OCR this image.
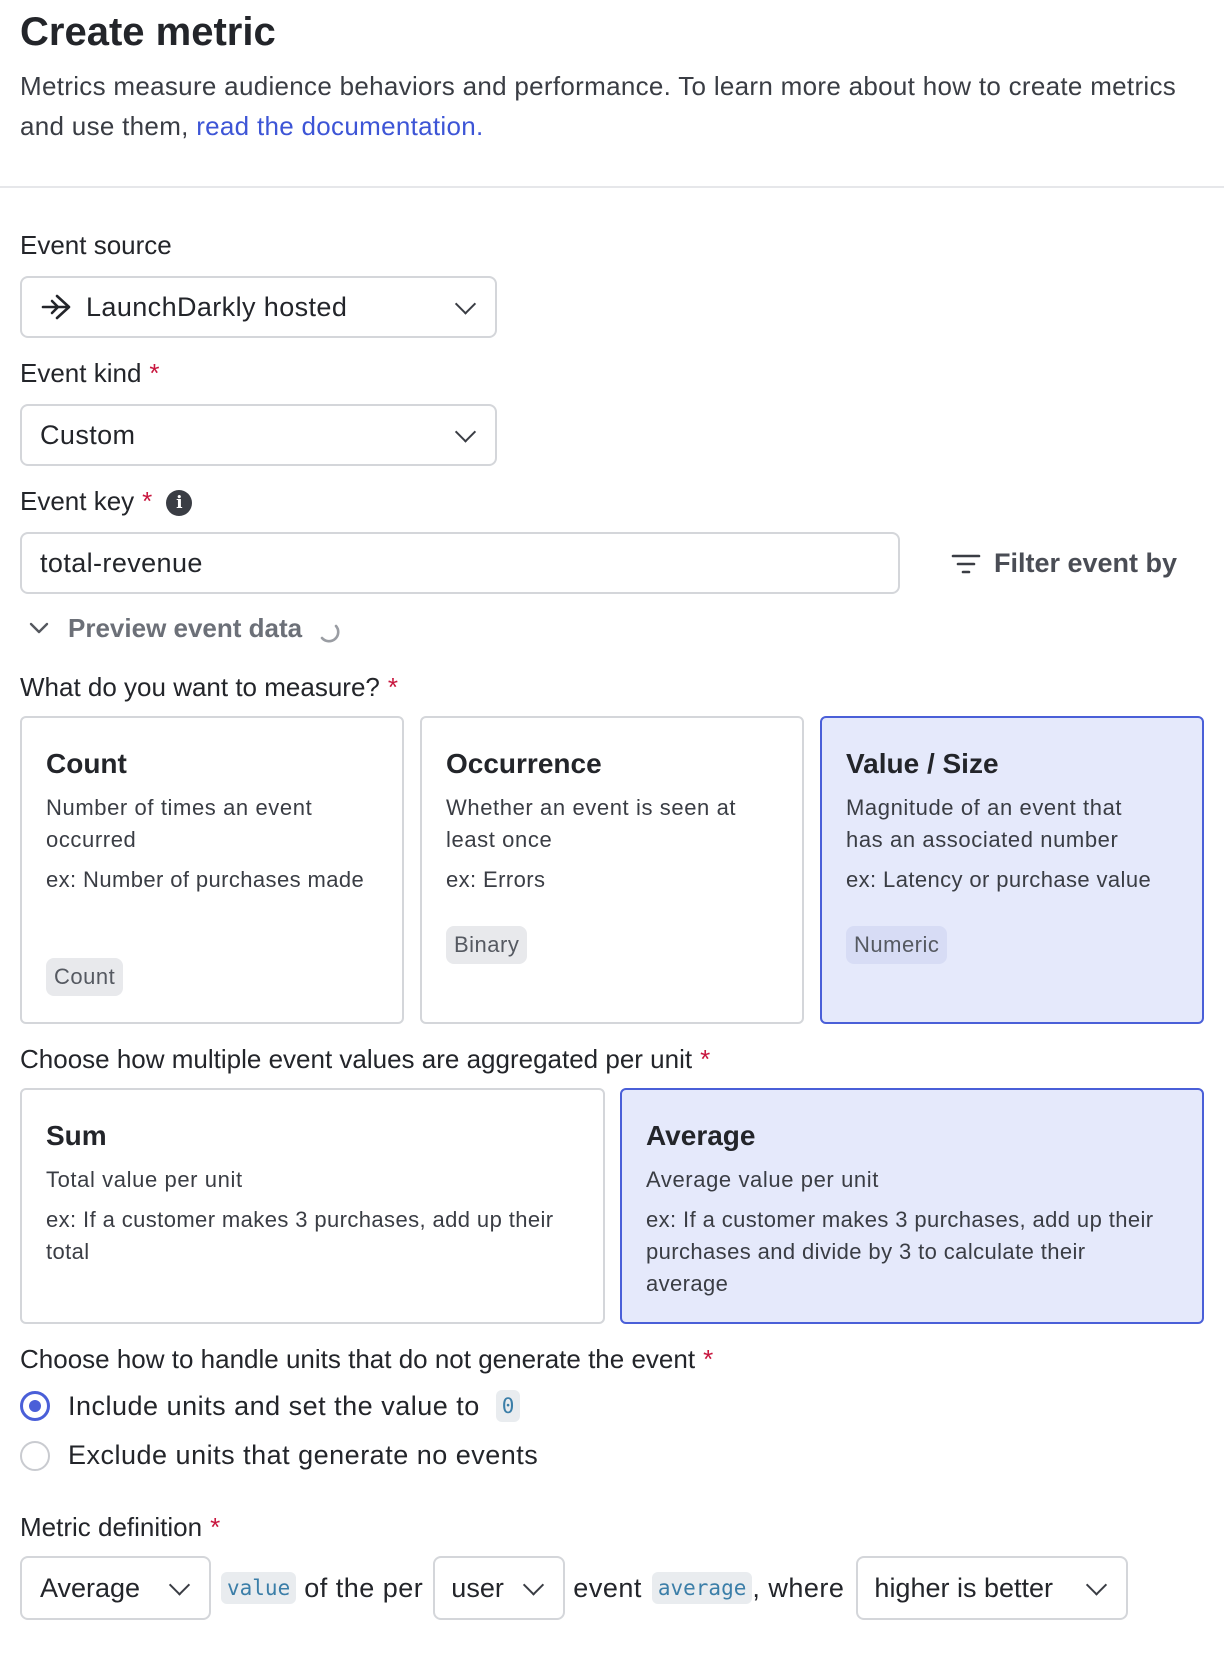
Create metric
Metrics measure audience behaviors and performance. To learn more about how to create metrics and use them, read the documentation.
Event source
LaunchDarkly hosted
Event kind *
Custom
Event key * i
total-revenue	Filter event by
Preview event data
What do you want to measure? *
Count
Number of times an event occurred
ex: Number of purchases made
Count
Occurrence
Whether an event is seen at least once
ex: Errors
Binary
Value / Size
Magnitude of an event that has an associated number
ex: Latency or purchase value
Numeric
Choose how multiple event values are aggregated per unit *
Sum
Total value per unit
ex: If a customer makes 3 purchases, add up their total
Average
Average value per unit
ex: If a customer makes 3 purchases, add up their purchases and divide by 3 to calculate their average
Choose how to handle units that do not generate the event *
Include units and set the value to 0
Exclude units that generate no events
Metric definition *
Average	value of the per user	event average , where higher is better
